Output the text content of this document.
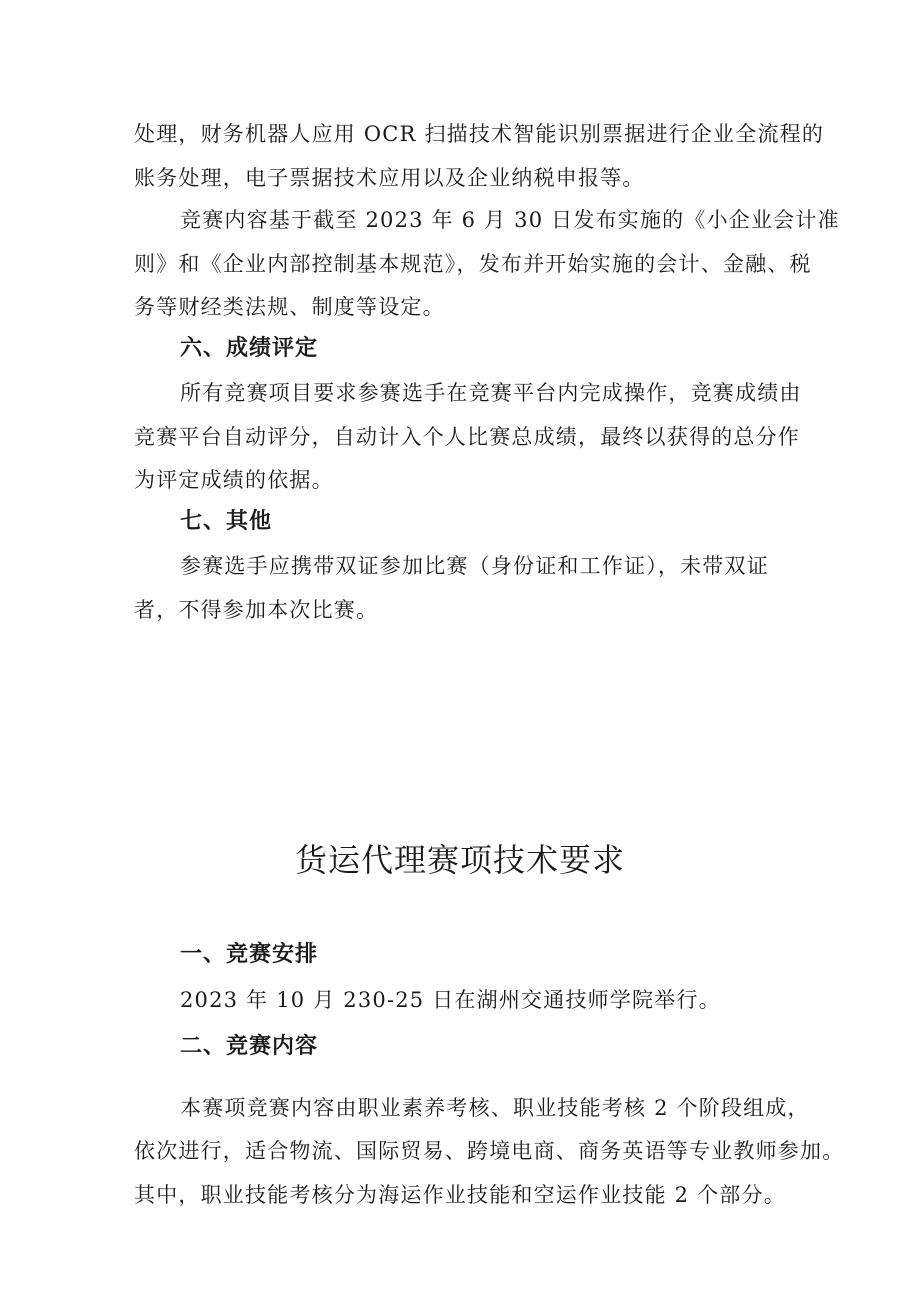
处理，财务机器人应用 OCR 扫描技术智能识别票据进行企业全流程的
账务处理，电子票据技术应用以及企业纳税申报等。
竞赛内容基于截至 2023 年 6 月 30 日发布实施的《小企业会计准
则》和《企业内部控制基本规范》，发布并开始实施的会计、金融、税
务等财经类法规、制度等设定。
六、成绩评定
所有竞赛项目要求参赛选手在竞赛平台内完成操作，竞赛成绩由
竞赛平台自动评分，自动计入个人比赛总成绩，最终以获得的总分作
为评定成绩的依据。
七、其他
参赛选手应携带双证参加比赛（身份证和工作证），未带双证
者，不得参加本次比赛。
货运代理赛项技术要求
一、竞赛安排
2023 年 10 月 230-25 日在湖州交通技师学院举行。
二、竞赛内容
本赛项竞赛内容由职业素养考核、职业技能考核 2 个阶段组成，
依次进行，适合物流、国际贸易、跨境电商、商务英语等专业教师参加。
其中，职业技能考核分为海运作业技能和空运作业技能 2 个部分。
